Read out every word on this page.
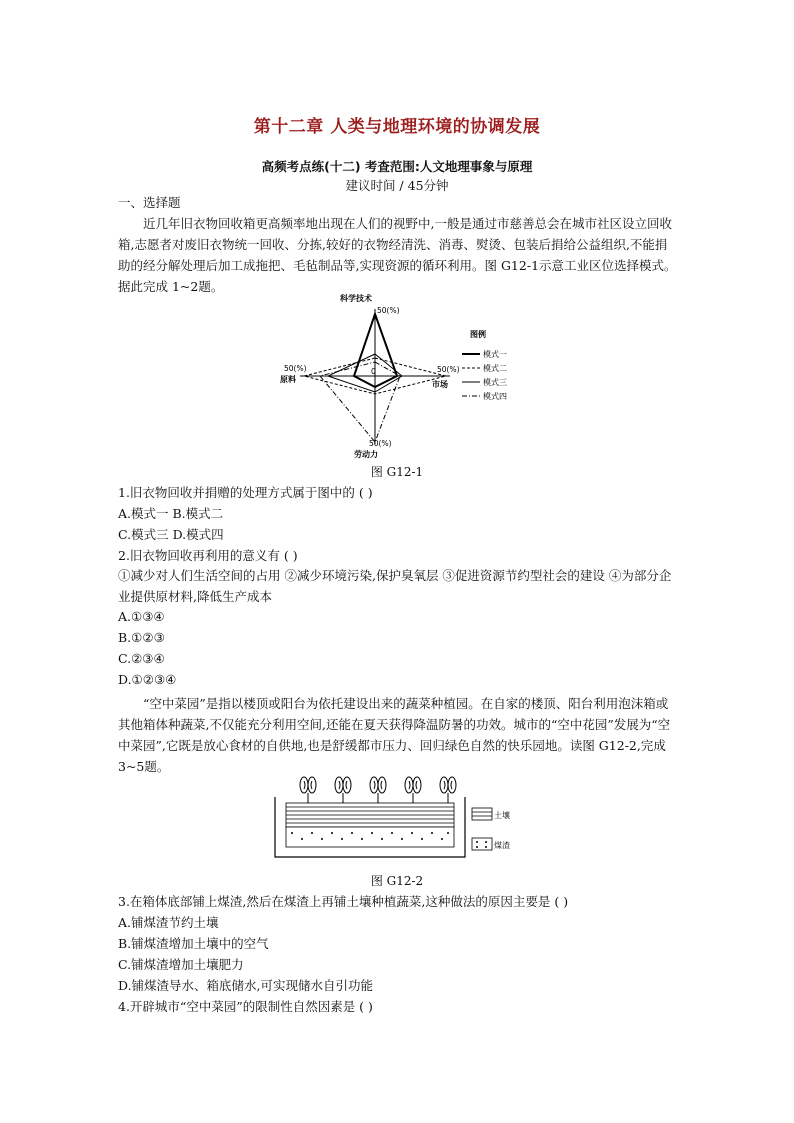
第十二章 人类与地理环境的协调发展
高频考点练(十二) 考查范围:人文地理事象与原理
建议时间 / 45分钟
一、选择题
近几年旧衣物回收箱更高频率地出现在人们的视野中,一般是通过市慈善总会在城市社区设立回收箱,志愿者对废旧衣物统一回收、分拣,较好的衣物经清洗、消毒、熨烫、包装后捐给公益组织,不能捐助的经分解处理后加工成拖把、毛毡制品等,实现资源的循环利用。图 G12-1示意工业区位选择模式。据此完成 1~2题。
科学技术
50(%)
原料
50(%)
市场
50(%)
劳动力
50(%)
0
图例
模式一
模式二
模式三
模式四
图 G12-1
1.旧衣物回收并捐赠的处理方式属于图中的 ( )
A.模式一 B.模式二
C.模式三 D.模式四
2.旧衣物回收再利用的意义有 ( )
①减少对人们生活空间的占用 ②减少环境污染,保护臭氧层 ③促进资源节约型社会的建设 ④为部分企业提供原材料,降低生产成本
A.①③④
B.①②③
C.②③④
D.①②③④
“空中菜园”是指以楼顶或阳台为依托建设出来的蔬菜种植园。在自家的楼顶、阳台利用泡沫箱或其他箱体种蔬菜,不仅能充分利用空间,还能在夏天获得降温防暑的功效。城市的“空中花园”发展为“空中菜园”,它既是放心食材的自供地,也是舒缓都市压力、回归绿色自然的快乐园地。读图 G12-2,完成 3~5题。
土壤
煤渣
图 G12-2
3.在箱体底部铺上煤渣,然后在煤渣上再铺土壤种植蔬菜,这种做法的原因主要是 ( )
A.铺煤渣节约土壤
B.铺煤渣增加土壤中的空气
C.铺煤渣增加土壤肥力
D.铺煤渣导水、箱底储水,可实现储水自引功能
4.开辟城市“空中菜园”的限制性自然因素是 ( )
